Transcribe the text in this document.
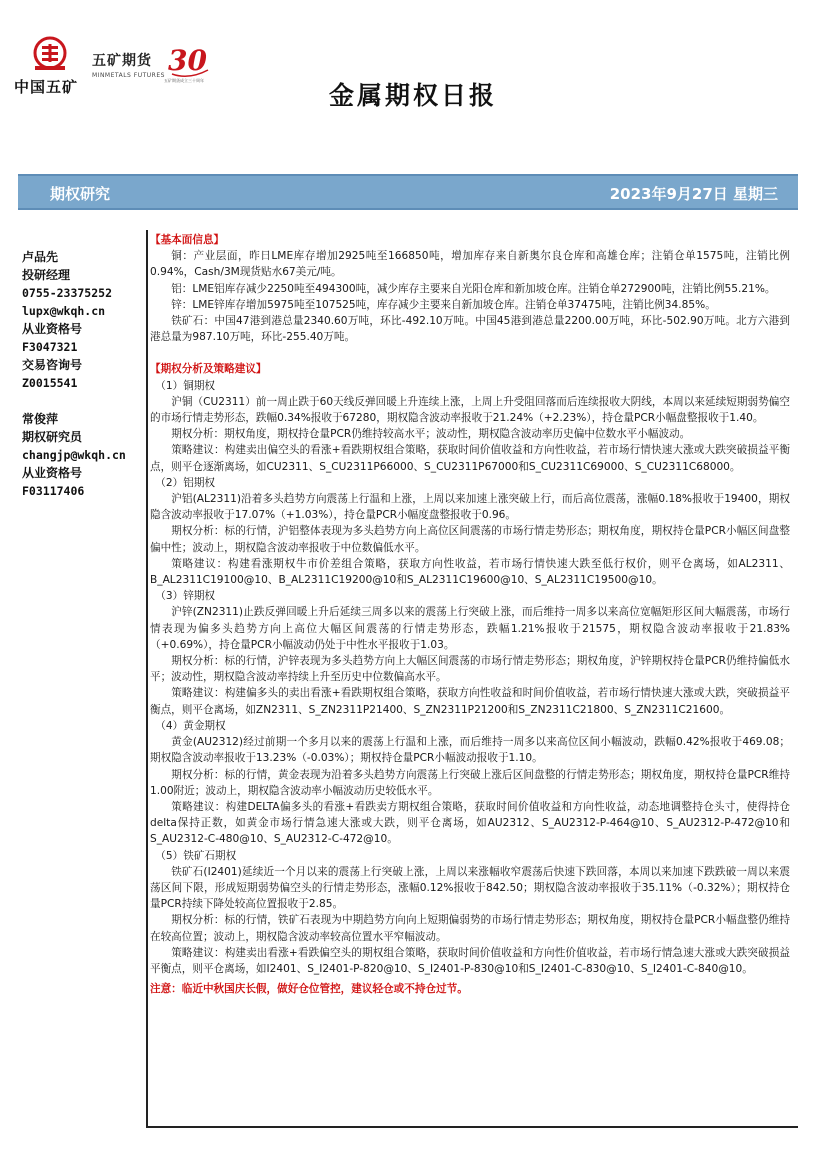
中国五矿
五矿期货
MINMETALS FUTURES 30
五矿期货成立三十周年
金属期权日报
期权研究	2023年9月27日 星期三
卢品先
投研经理
0755-23375252
lupx@wkqh.cn
从业资格号
F3047321
交易咨询号
Z0015541
常俊萍
期权研究员
changjp@wkqh.cn
从业资格号
F03117406

【基本面信息】

铜：产业层面，昨日LME库存增加2925吨至166850吨，增加库存来自新奥尔良仓库和高雄仓库；注销仓单1575吨，注销比例0.94%，Cash/3M现货贴水67美元/吨。

铝：LME铝库存减少2250吨至494300吨，减少库存主要来自光阳仓库和新加坡仓库。注销仓单272900吨，注销比例55.21%。

锌：LME锌库存增加5975吨至107525吨，库存减少主要来自新加坡仓库。注销仓单37475吨，注销比例34.85%。

铁矿石：中国47港到港总量2340.60万吨，环比-492.10万吨。中国45港到港总量2200.00万吨，环比-502.90万吨。北方六港到港总量为987.10万吨，环比-255.40万吨。

【期权分析及策略建议】

（1）铜期权

沪铜（CU2311）前一周止跌于60天线反弹回暖上升连续上涨，上周上升受阻回落而后连续报收大阴线，本周以来延续短期弱势偏空的市场行情走势形态，跌幅0.34%报收于67280，期权隐含波动率报收于21.24%（+2.23%），持仓量PCR小幅盘整报收于1.40。

期权分析：期权角度，期权持仓量PCR仍维持较高水平；波动性，期权隐含波动率历史偏中位数水平小幅波动。

策略建议：构建卖出偏空头的看涨+看跌期权组合策略，获取时间价值收益和方向性收益，若市场行情快速大涨或大跌突破损益平衡点，则平仓逐渐离场，如CU2311、S_CU2311P66000、S_CU2311P67000和S_CU2311C69000、S_CU2311C68000。

（2）铝期权

沪铝(AL2311)沿着多头趋势方向震荡上行温和上涨，上周以来加速上涨突破上行，而后高位震荡，涨幅0.18%报收于19400，期权隐含波动率报收于17.07%（+1.03%），持仓量PCR小幅度盘整报收于0.96。

期权分析：标的行情，沪铝整体表现为多头趋势方向上高位区间震荡的市场行情走势形态；期权角度，期权持仓量PCR小幅区间盘整偏中性；波动上，期权隐含波动率报收于中位数偏低水平。

策略建议：构建看涨期权牛市价差组合策略，获取方向性收益，若市场行情快速大跌至低行权价，则平仓离场，如AL2311、B_AL2311C19100@10、B_AL2311C19200@10和S_AL2311C19600@10、S_AL2311C19500@10。

（3）锌期权

沪锌(ZN2311)止跌反弹回暖上升后延续三周多以来的震荡上行突破上涨，而后维持一周多以来高位宽幅矩形区间大幅震荡，市场行情表现为偏多头趋势方向上高位大幅区间震荡的行情走势形态，跌幅1.21%报收于21575，期权隐含波动率报收于21.83%（+0.69%），持仓量PCR小幅波动仍处于中性水平报收于1.03。

期权分析：标的行情，沪锌表现为多头趋势方向上大幅区间震荡的市场行情走势形态；期权角度，沪锌期权持仓量PCR仍维持偏低水平；波动性，期权隐含波动率持续上升至历史中位数偏高水平。

策略建议：构建偏多头的卖出看涨+看跌期权组合策略，获取方向性收益和时间价值收益，若市场行情快速大涨或大跌，突破损益平衡点，则平仓离场，如ZN2311、S_ZN2311P21400、S_ZN2311P21200和S_ZN2311C21800、S_ZN2311C21600。

（4）黄金期权

黄金(AU2312)经过前期一个多月以来的震荡上行温和上涨，而后维持一周多以来高位区间小幅波动，跌幅0.42%报收于469.08；期权隐含波动率报收于13.23%（-0.03%）；期权持仓量PCR小幅波动报收于1.10。

期权分析：标的行情，黄金表现为沿着多头趋势方向震荡上行突破上涨后区间盘整的行情走势形态；期权角度，期权持仓量PCR维持1.00附近；波动上，期权隐含波动率小幅波动历史较低水平。

策略建议：构建DELTA偏多头的看涨+看跌卖方期权组合策略，获取时间价值收益和方向性收益，动态地调整持仓头寸，使得持仓delta保持正数，如黄金市场行情急速大涨或大跌，则平仓离场，如AU2312、S_AU2312-P-464@10、S_AU2312-P-472@10和S_AU2312-C-480@10、S_AU2312-C-472@10。

（5）铁矿石期权

铁矿石(I2401)延续近一个月以来的震荡上行突破上涨，上周以来涨幅收窄震荡后快速下跌回落，本周以来加速下跌跌破一周以来震荡区间下限，形成短期弱势偏空头的行情走势形态，涨幅0.12%报收于842.50；期权隐含波动率报收于35.11%（-0.32%）；期权持仓量PCR持续下降处较高位置报收于2.85。

期权分析：标的行情，铁矿石表现为中期趋势方向向上短期偏弱势的市场行情走势形态；期权角度，期权持仓量PCR小幅盘整仍维持在较高位置；波动上，期权隐含波动率较高位置水平窄幅波动。

策略建议：构建卖出看涨+看跌偏空头的期权组合策略，获取时间价值收益和方向性价值收益，若市场行情急速大涨或大跌突破损益平衡点，则平仓离场，如I2401、S_I2401-P-820@10、S_I2401-P-830@10和S_I2401-C-830@10、S_I2401-C-840@10。

注意：临近中秋国庆长假，做好仓位管控，建议轻仓或不持仓过节。
